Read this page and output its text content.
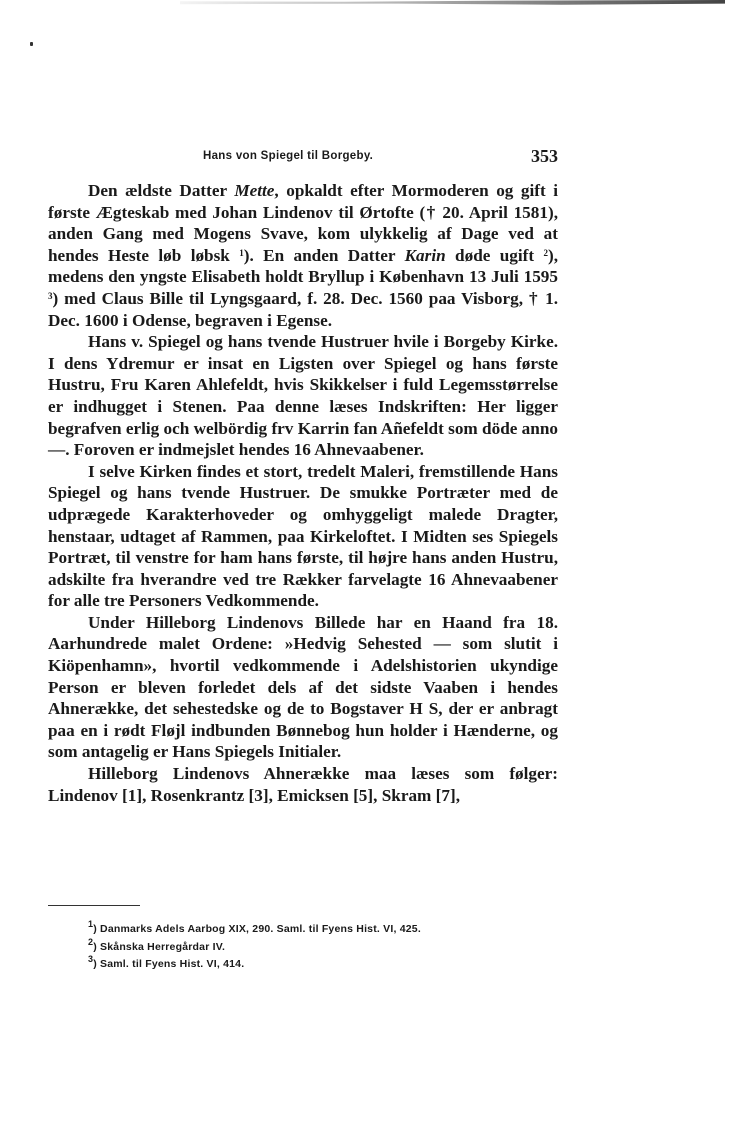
Hans von Spiegel til Borgeby.	353

Den ældste Datter Mette, opkaldt efter Mormoderen og gift i første Ægteskab med Johan Lindenov til Ørtofte († 20. April 1581), anden Gang med Mogens Svave, kom ulykkelig af Dage ved at hendes Heste løb løbsk $^1$). En anden Datter Karin døde ugift $^2$), medens den yngste Elisabeth holdt Bryllup i København 13 Juli 1595 $^3$) med Claus Bille til Lyngsgaard, f. 28. Dec. 1560 paa Visborg, † 1. Dec. 1600 i Odense, begraven i Egense.

Hans v. Spiegel og hans tvende Hustruer hvile i Borgeby Kirke. I dens Ydremur er insat en Ligsten over Spiegel og hans første Hustru, Fru Karen Ahlefeldt, hvis Skikkelser i fuld Legemsstørrelse er indhugget i Stenen. Paa denne læses Indskriften: Her ligger begrafven erlig och welbördig frv Karrin fan Añefeldt som döde anno —. Foroven er indmejslet hendes 16 Ahnevaabener.

I selve Kirken findes et stort, tredelt Maleri, fremstillende Hans Spiegel og hans tvende Hustruer. De smukke Portræter med de udprægede Karakterhoveder og omhyggeligt malede Dragter, henstaar, udtaget af Rammen, paa Kirkeloftet. I Midten ses Spiegels Portræt, til venstre for ham hans første, til højre hans anden Hustru, adskilte fra hverandre ved tre Rækker farvelagte 16 Ahnevaabener for alle tre Personers Vedkommende.

Under Hilleborg Lindenovs Billede har en Haand fra 18. Aarhundrede malet Ordene: »Hedvig Sehested — som slutit i Kiöpenhamn», hvortil vedkommende i Adelshistorien ukyndige Person er bleven forledet dels af det sidste Vaaben i hendes Ahnerække, det sehestedske og de to Bogstaver H S, der er anbragt paa en i rødt Fløjl indbunden Bønnebog hun holder i Hænderne, og som antagelig er Hans Spiegels Initialer.

Hilleborg Lindenovs Ahnerække maa læses som følger: Lindenov [1], Rosenkrantz [3], Emicksen [5], Skram [7],

$^1$) Danmarks Adels Aarbog XIX, 290. Saml. til Fyens Hist. VI, 425.
$^2$) Skånska Herregårdar IV.
$^3$) Saml. til Fyens Hist. VI, 414.
